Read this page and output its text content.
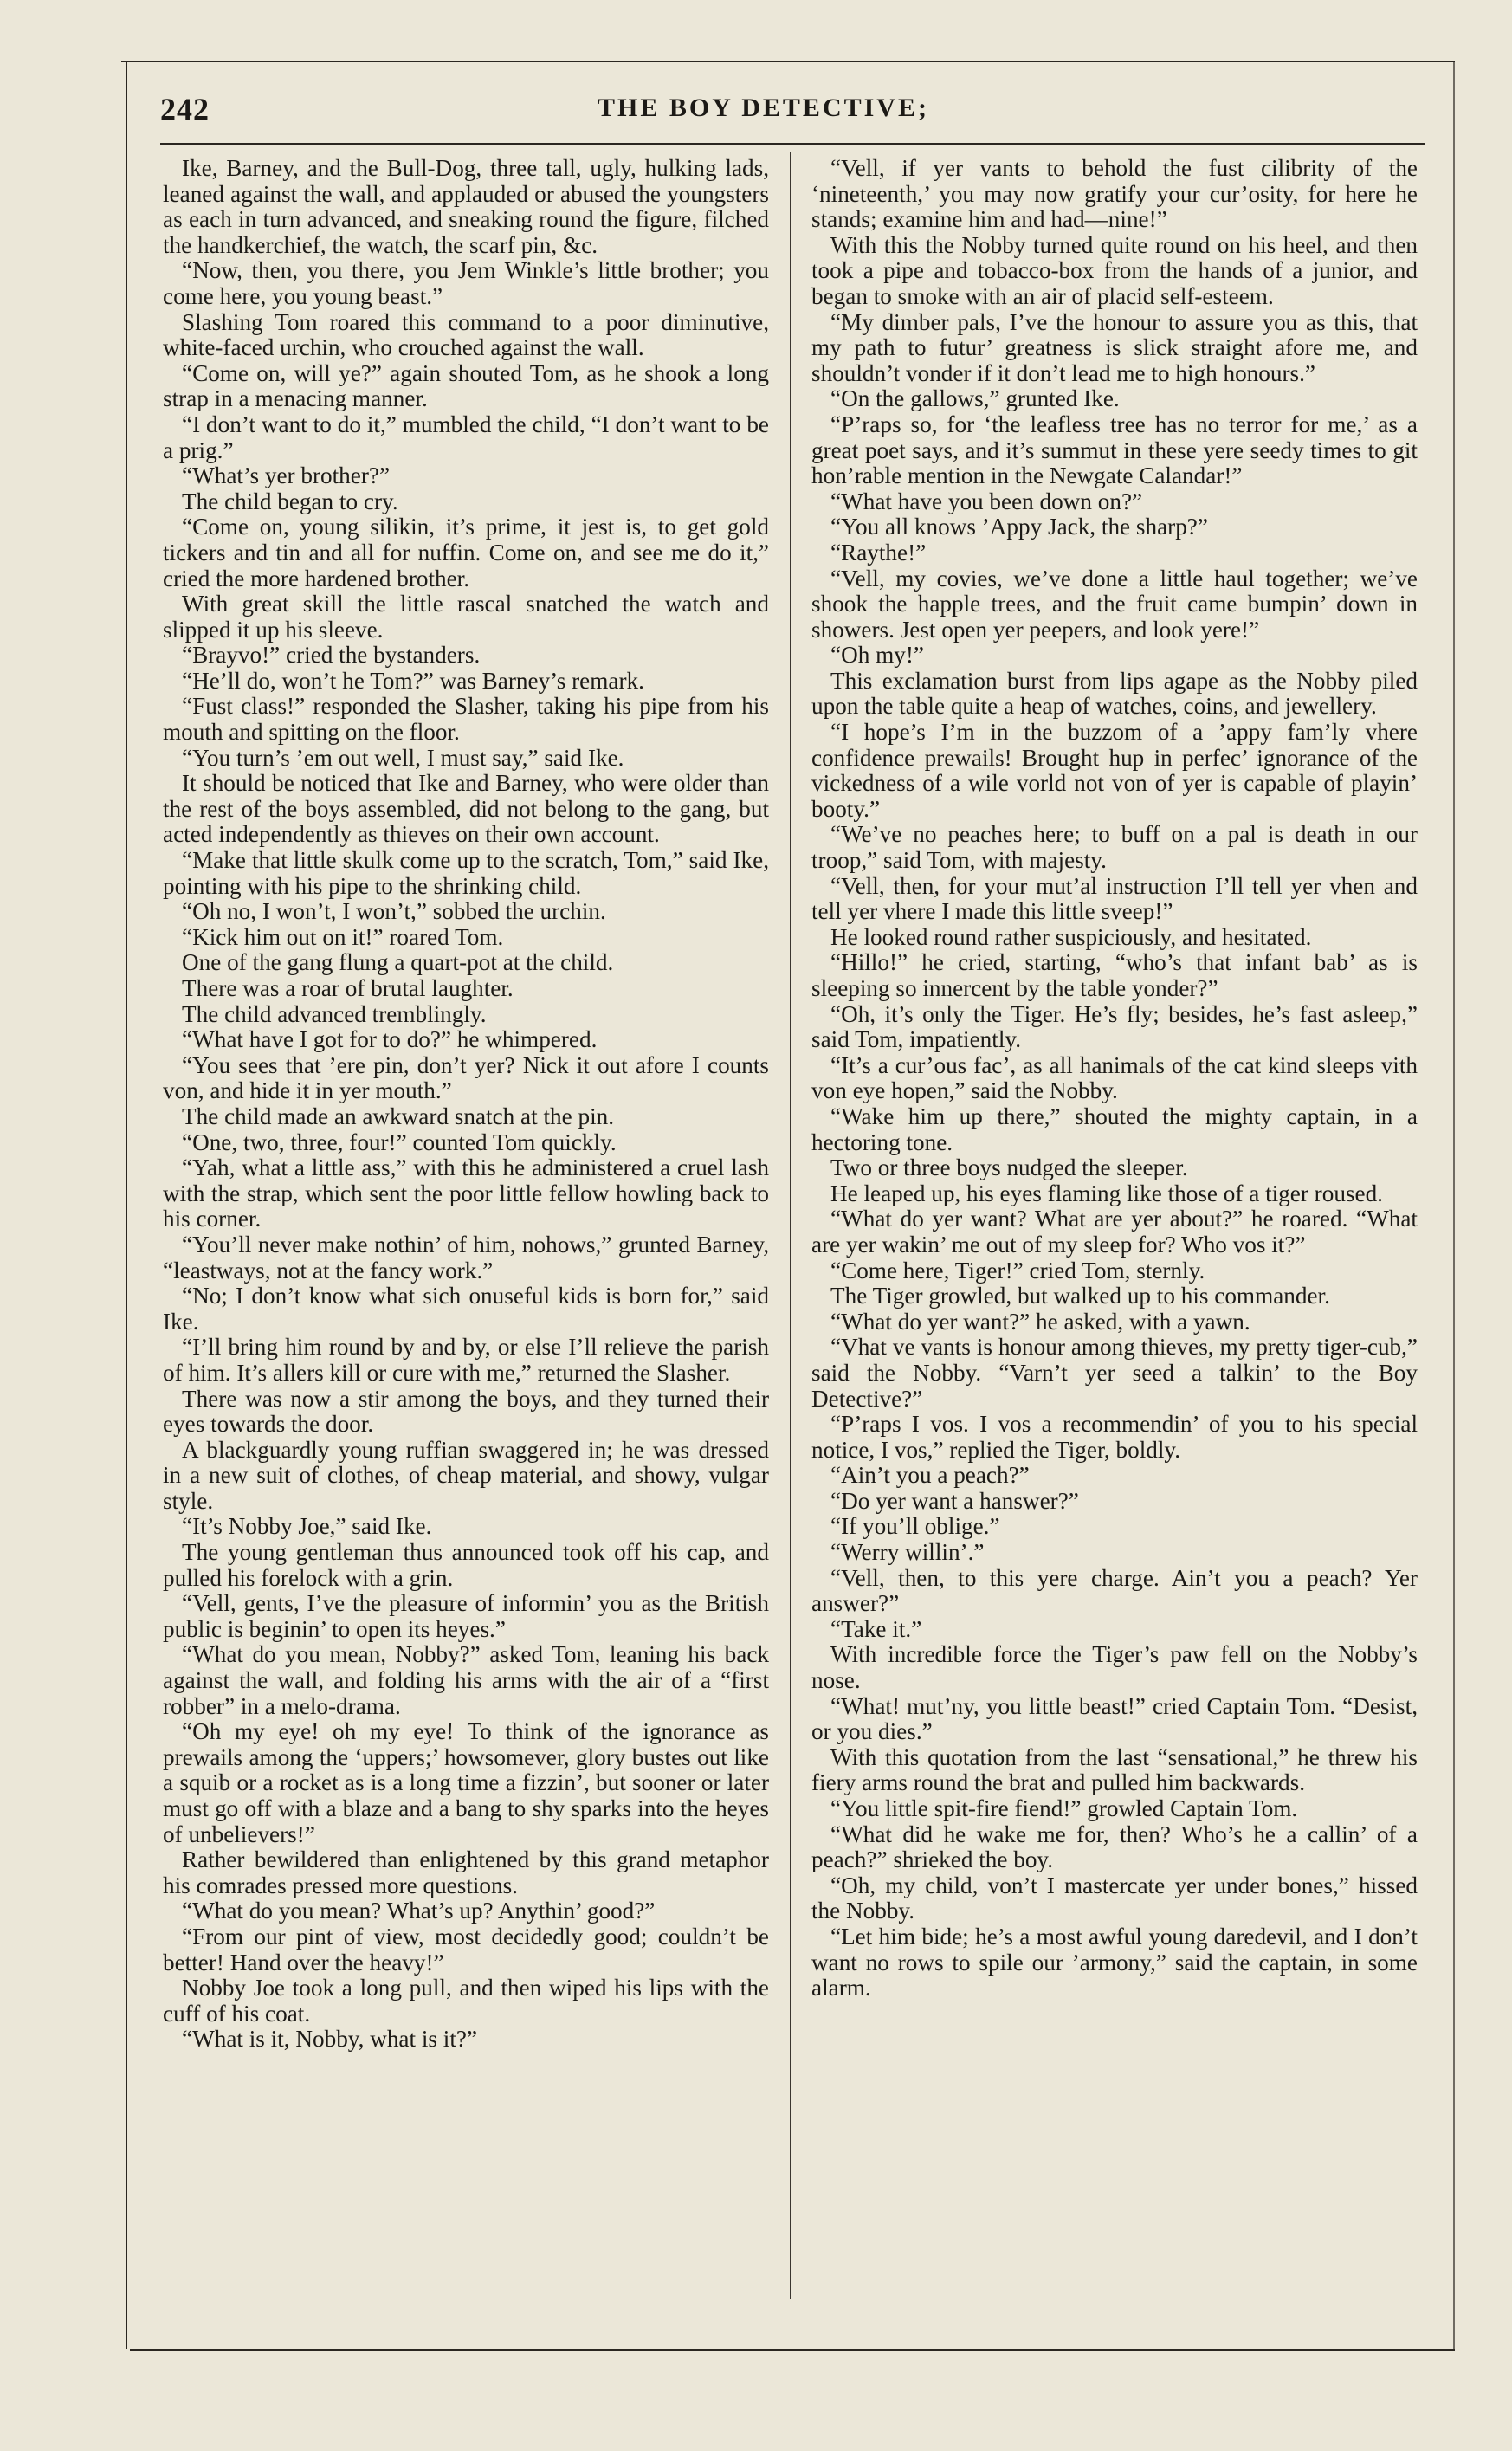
242	THE BOY DETECTIVE;

Ike, Barney, and the Bull-Dog, three tall, ugly, hulking lads, leaned against the wall, and applauded or abused the youngsters as each in turn advanced, and sneaking round the figure, filched the handkerchief, the watch, the scarf pin, &c.

“Now, then, you there, you Jem Winkle’s little brother; you come here, you young beast.”

Slashing Tom roared this command to a poor diminutive, white-faced urchin, who crouched against the wall.

“Come on, will ye?” again shouted Tom, as he shook a long strap in a menacing manner.

“I don’t want to do it,” mumbled the child, “I don’t want to be a prig.”

“What’s yer brother?”

The child began to cry.

“Come on, young silikin, it’s prime, it jest is, to get gold tickers and tin and all for nuffin. Come on, and see me do it,” cried the more hardened brother.

With great skill the little rascal snatched the watch and slipped it up his sleeve.

“Brayvo!” cried the bystanders.

“He’ll do, won’t he Tom?” was Barney’s remark.

“Fust class!” responded the Slasher, taking his pipe from his mouth and spitting on the floor.

“You turn’s ’em out well, I must say,” said Ike.

It should be noticed that Ike and Barney, who were older than the rest of the boys assembled, did not belong to the gang, but acted independently as thieves on their own account.

“Make that little skulk come up to the scratch, Tom,” said Ike, pointing with his pipe to the shrinking child.

“Oh no, I won’t, I won’t,” sobbed the urchin.

“Kick him out on it!” roared Tom.

One of the gang flung a quart-pot at the child.

There was a roar of brutal laughter.

The child advanced tremblingly.

“What have I got for to do?” he whimpered.

“You sees that ’ere pin, don’t yer? Nick it out afore I counts von, and hide it in yer mouth.”

The child made an awkward snatch at the pin.

“One, two, three, four!” counted Tom quickly.

“Yah, what a little ass,” with this he administered a cruel lash with the strap, which sent the poor little fellow howling back to his corner.

“You’ll never make nothin’ of him, nohows,” grunted Barney, “leastways, not at the fancy work.”

“No; I don’t know what sich onuseful kids is born for,” said Ike.

“I’ll bring him round by and by, or else I’ll relieve the parish of him. It’s allers kill or cure with me,” returned the Slasher.

There was now a stir among the boys, and they turned their eyes towards the door.

A blackguardly young ruffian swaggered in; he was dressed in a new suit of clothes, of cheap material, and showy, vulgar style.

“It’s Nobby Joe,” said Ike.

The young gentleman thus announced took off his cap, and pulled his forelock with a grin.

“Vell, gents, I’ve the pleasure of informin’ you as the British public is beginin’ to open its heyes.”

“What do you mean, Nobby?” asked Tom, leaning his back against the wall, and folding his arms with the air of a “first robber” in a melo-drama.

“Oh my eye! oh my eye! To think of the ignorance as prewails among the ‘uppers;’ howsomever, glory bustes out like a squib or a rocket as is a long time a fizzin’, but sooner or later must go off with a blaze and a bang to shy sparks into the heyes of unbelievers!”

Rather bewildered than enlightened by this grand metaphor his comrades pressed more questions.

“What do you mean? What’s up? Anythin’ good?”

“From our pint of view, most decidedly good; couldn’t be better! Hand over the heavy!”

Nobby Joe took a long pull, and then wiped his lips with the cuff of his coat.

“What is it, Nobby, what is it?”

“Vell, if yer vants to behold the fust cilibrity of the ‘nineteenth,’ you may now gratify your cur’osity, for here he stands; examine him and had—nine!”

With this the Nobby turned quite round on his heel, and then took a pipe and tobacco-box from the hands of a junior, and began to smoke with an air of placid self-esteem.

“My dimber pals, I’ve the honour to assure you as this, that my path to futur’ greatness is slick straight afore me, and shouldn’t vonder if it don’t lead me to high honours.”

“On the gallows,” grunted Ike.

“P’raps so, for ‘the leafless tree has no terror for me,’ as a great poet says, and it’s summut in these yere seedy times to git hon’rable mention in the Newgate Calandar!”

“What have you been down on?”

“You all knows ’Appy Jack, the sharp?”

“Raythe!”

“Vell, my covies, we’ve done a little haul together; we’ve shook the happle trees, and the fruit came bumpin’ down in showers. Jest open yer peepers, and look yere!”

“Oh my!”

This exclamation burst from lips agape as the Nobby piled upon the table quite a heap of watches, coins, and jewellery.

“I hope’s I’m in the buzzom of a ’appy fam’ly vhere confidence prewails! Brought hup in perfec’ ignorance of the vickedness of a wile vorld not von of yer is capable of playin’ booty.”

“We’ve no peaches here; to buff on a pal is death in our troop,” said Tom, with majesty.

“Vell, then, for your mut’al instruction I’ll tell yer vhen and tell yer vhere I made this little sveep!”

He looked round rather suspiciously, and hesitated.

“Hillo!” he cried, starting, “who’s that infant bab’ as is sleeping so innercent by the table yonder?”

“Oh, it’s only the Tiger. He’s fly; besides, he’s fast asleep,” said Tom, impatiently.

“It’s a cur’ous fac’, as all hanimals of the cat kind sleeps vith von eye hopen,” said the Nobby.

“Wake him up there,” shouted the mighty captain, in a hectoring tone.

Two or three boys nudged the sleeper.

He leaped up, his eyes flaming like those of a tiger roused.

“What do yer want? What are yer about?” he roared. “What are yer wakin’ me out of my sleep for? Who vos it?”

“Come here, Tiger!” cried Tom, sternly.

The Tiger growled, but walked up to his commander.

“What do yer want?” he asked, with a yawn.

“Vhat ve vants is honour among thieves, my pretty tiger-cub,” said the Nobby. “Varn’t yer seed a talkin’ to the Boy Detective?”

“P’raps I vos. I vos a recommendin’ of you to his special notice, I vos,” replied the Tiger, boldly.

“Ain’t you a peach?”

“Do yer want a hanswer?”

“If you’ll oblige.”

“Werry willin’.”

“Vell, then, to this yere charge. Ain’t you a peach? Yer answer?”

“Take it.”

With incredible force the Tiger’s paw fell on the Nobby’s nose.

“What! mut’ny, you little beast!” cried Captain Tom. “Desist, or you dies.”

With this quotation from the last “sensational,” he threw his fiery arms round the brat and pulled him backwards.

“You little spit-fire fiend!” growled Captain Tom.

“What did he wake me for, then? Who’s he a callin’ of a peach?” shrieked the boy.

“Oh, my child, von’t I mastercate yer under bones,” hissed the Nobby.

“Let him bide; he’s a most awful young daredevil, and I don’t want no rows to spile our ’armony,” said the captain, in some alarm.
